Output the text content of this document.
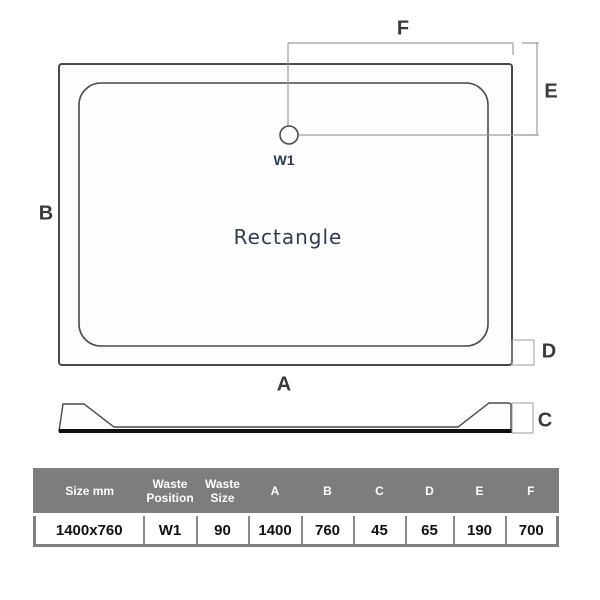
F
E
B
A
D
C
W1
Rectangle
Size mm	Waste Position	Waste Size	A	B	C	D	E	F
1400x760	W1	90	1400	760	45	65	190	700
